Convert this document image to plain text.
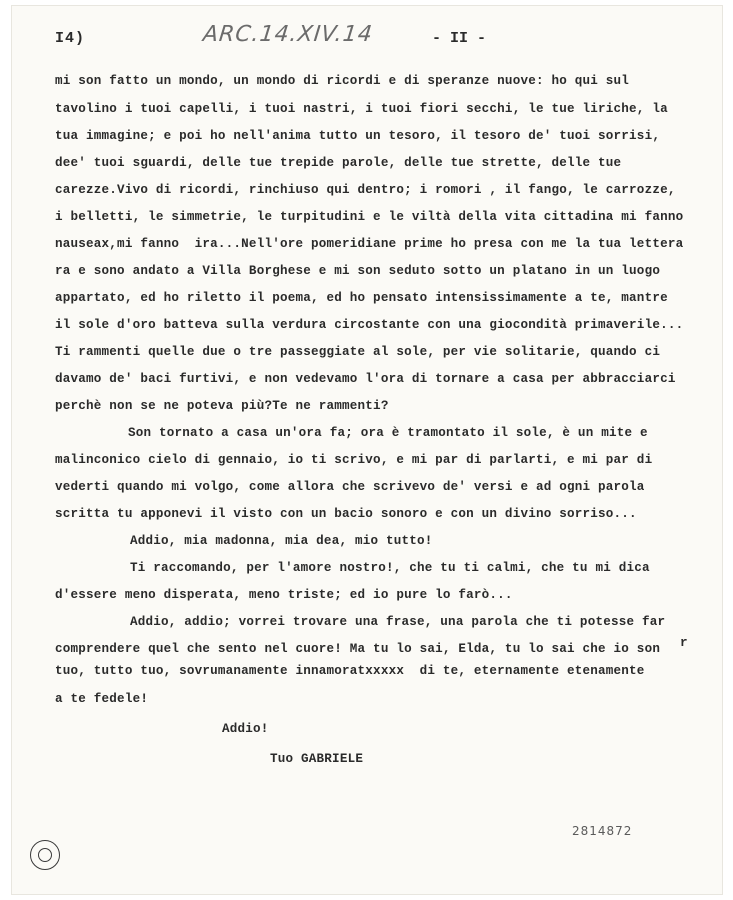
I4)	ARC.14.XIV.14	- II -
mi son fatto un mondo, un mondo di ricordi e di speranze nuove: ho qui sul
tavolino i tuoi capelli, i tuoi nastri, i tuoi fiori secchi, le tue liriche, la
tua immagine; e poi ho nell'anima tutto un tesoro, il tesoro de' tuoi sorrisi,
dee' tuoi sguardi, delle tue trepide parole, delle tue strette, delle tue
carezze.Vivo di ricordi, rinchiuso qui dentro; i romori , il fango, le carrozze,
i belletti, le simmetrie, le turpitudini e le viltà della vita cittadina mi fanno
nauseax,mi fanno  ira...Nell'ore pomeridiane prime ho presa con me la tua lettera
ra e sono andato a Villa Borghese e mi son seduto sotto un platano in un luogo
appartato, ed ho riletto il poema, ed ho pensato intensissimamente a te, mantre
il sole d'oro batteva sulla verdura circostante con una giocondità primaverile...
Ti rammenti quelle due o tre passeggiate al sole, per vie solitarie, quando ci
davamo de' baci furtivi, e non vedevamo l'ora di tornare a casa per abbracciarci
perchè non se ne poteva più?Te ne rammenti?
Son tornato a casa un'ora fa; ora è tramontato il sole, è un mite e
malinconico cielo di gennaio, io ti scrivo, e mi par di parlarti, e mi par di
vederti quando mi volgo, come allora che scrivevo de' versi e ad ogni parola
scritta tu apponevi il visto con un bacio sonoro e con un divino sorriso...
Addio, mia madonna, mia dea, mio tutto!
Ti raccomando, per l'amore nostro!, che tu ti calmi, che tu mi dica
d'essere meno disperata, meno triste; ed io pure lo farò...
Addio, addio; vorrei trovare una frase, una parola che ti potesse far
comprendere quel che sento nel cuore! Ma tu lo sai, Elda, tu lo sai che io son r
tuo, tutto tuo, sovrumanamente innamoratxxxxx  di te, eternamente etenamente
a te fedele!
Addio!
Tuo GABRIELE
2814872
